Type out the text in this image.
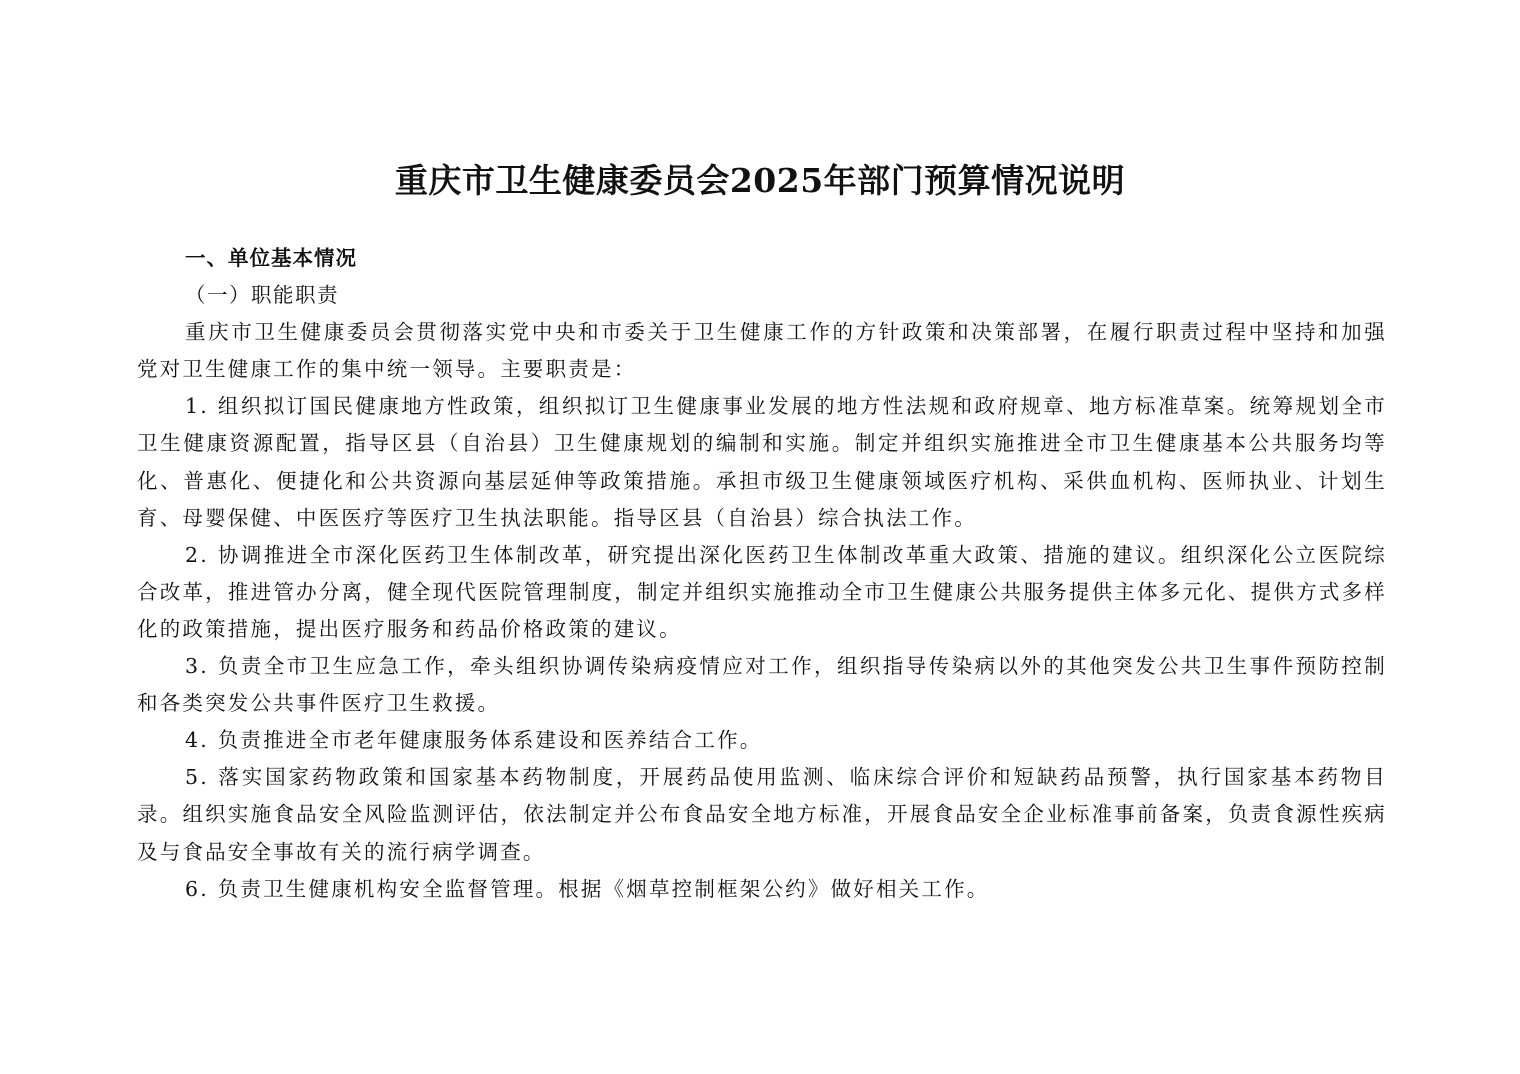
重庆市卫生健康委员会2025年部门预算情况说明

一、单位基本情况

（一）职能职责

重庆市卫生健康委员会贯彻落实党中央和市委关于卫生健康工作的方针政策和决策部署，在履行职责过程中坚持和加强党对卫生健康工作的集中统一领导。主要职责是：

1. 组织拟订国民健康地方性政策，组织拟订卫生健康事业发展的地方性法规和政府规章、地方标准草案。统筹规划全市卫生健康资源配置，指导区县（自治县）卫生健康规划的编制和实施。制定并组织实施推进全市卫生健康基本公共服务均等化、普惠化、便捷化和公共资源向基层延伸等政策措施。承担市级卫生健康领域医疗机构、采供血机构、医师执业、计划生育、母婴保健、中医医疗等医疗卫生执法职能。指导区县（自治县）综合执法工作。

2. 协调推进全市深化医药卫生体制改革，研究提出深化医药卫生体制改革重大政策、措施的建议。组织深化公立医院综合改革，推进管办分离，健全现代医院管理制度，制定并组织实施推动全市卫生健康公共服务提供主体多元化、提供方式多样化的政策措施，提出医疗服务和药品价格政策的建议。

3. 负责全市卫生应急工作，牵头组织协调传染病疫情应对工作，组织指导传染病以外的其他突发公共卫生事件预防控制和各类突发公共事件医疗卫生救援。

4. 负责推进全市老年健康服务体系建设和医养结合工作。

5. 落实国家药物政策和国家基本药物制度，开展药品使用监测、临床综合评价和短缺药品预警，执行国家基本药物目录。组织实施食品安全风险监测评估，依法制定并公布食品安全地方标准，开展食品安全企业标准事前备案，负责食源性疾病及与食品安全事故有关的流行病学调查。

6. 负责卫生健康机构安全监督管理。根据《烟草控制框架公约》做好相关工作。
